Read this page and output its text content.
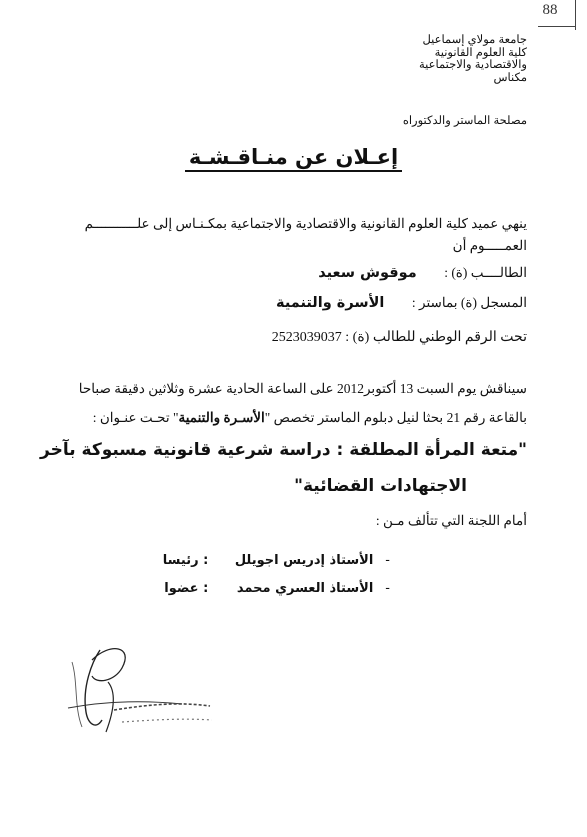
88
جامعة مولاي إسماعيل
كلية العلوم القانونية
والاقتصادية والاجتماعية
مكناس
مصلحة الماستر والدكتوراه
إعـلان عن منـاقـشـة
ينهي عميد كلية العلوم القانونية والاقتصادية والاجتماعية بمكـنـاس إلى علـــــــــــم
العمـــــوم أن
الطالــــب (ة) : موقوش سعيد
المسجل (ة) بماستر : الأسرة والتنمية
تحت الرقم الوطني للطالب (ة) : 2523039037
سيناقش يوم السبت 13 أكتوبر2012 على الساعة الحادية عشرة وثلاثين دقيقة صباحا
بالقاعة رقم 21 بحثا لنيل دبلوم الماستر تخصص "الأسـرة والتنمية" تحـت عنـوان :
"متعة المرأة المطلقة : دراسة شرعية قانونية مسبوكة بآخر
الاجتهادات القضائية"
أمام اللجنة التي تتألف مـن :
-الأستاذ إدريس اجويلل: رئيسا
-الأستاذ العسري محمد: عضوا
